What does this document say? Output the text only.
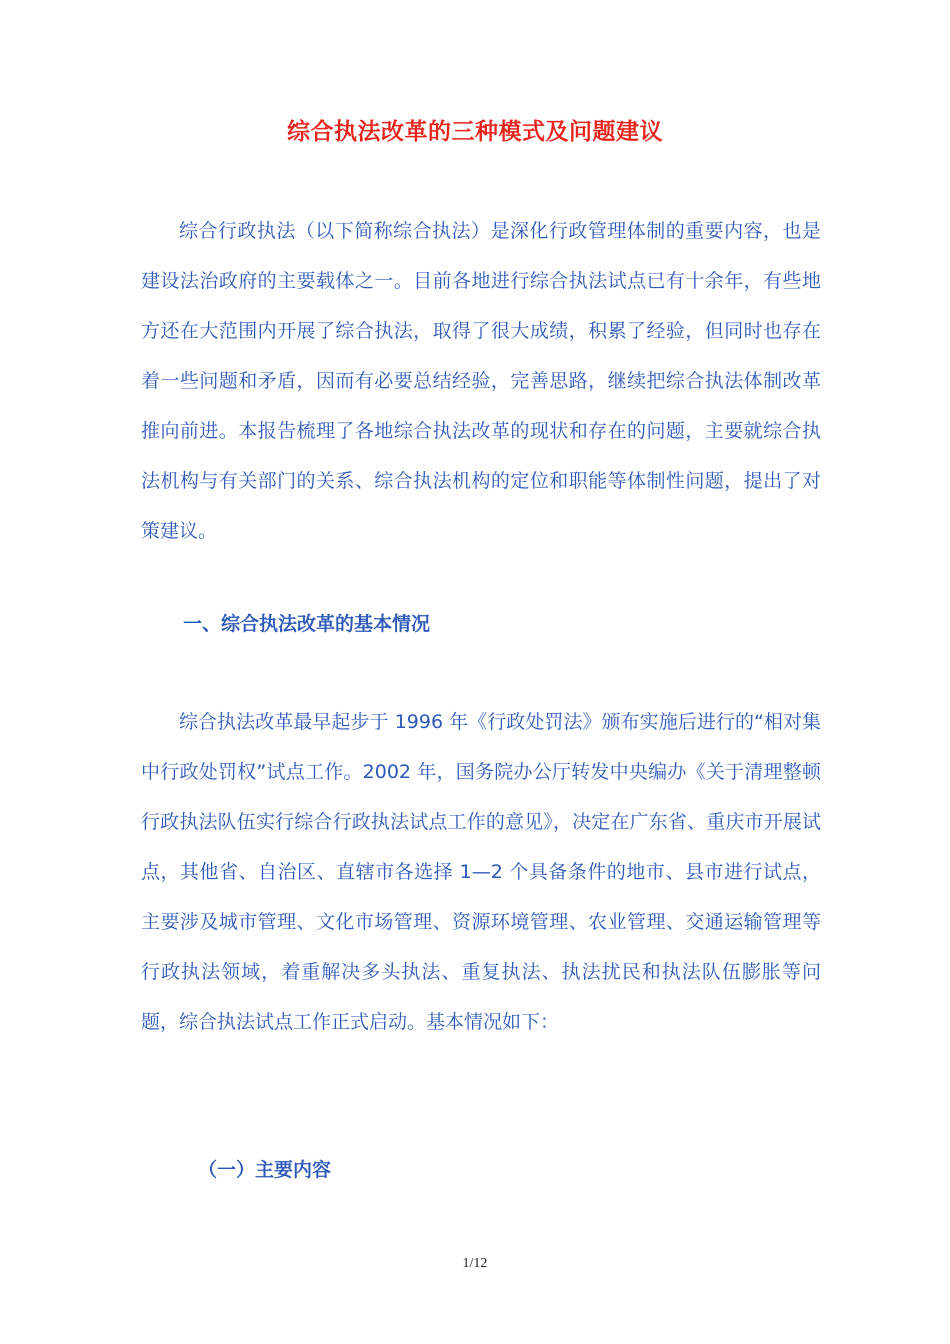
综合执法改革的三种模式及问题建议

综合行政执法（以下简称综合执法）是深化行政管理体制的重要内容，也是建设法治政府的主要载体之一。目前各地进行综合执法试点已有十余年，有些地方还在大范围内开展了综合执法，取得了很大成绩，积累了经验，但同时也存在着一些问题和矛盾，因而有必要总结经验，完善思路，继续把综合执法体制改革推向前进。本报告梳理了各地综合执法改革的现状和存在的问题，主要就综合执法机构与有关部门的关系、综合执法机构的定位和职能等体制性问题，提出了对策建议。

一、综合执法改革的基本情况

综合执法改革最早起步于 1996 年《行政处罚法》颁布实施后进行的“相对集中行政处罚权”试点工作。2002 年，国务院办公厅转发中央编办《关于清理整顿行政执法队伍实行综合行政执法试点工作的意见》，决定在广东省、重庆市开展试点，其他省、自治区、直辖市各选择 1—2 个具备条件的地市、县市进行试点，主要涉及城市管理、文化市场管理、资源环境管理、农业管理、交通运输管理等行政执法领域，着重解决多头执法、重复执法、执法扰民和执法队伍膨胀等问题，综合执法试点工作正式启动。基本情况如下：

（一）主要内容
1/12
